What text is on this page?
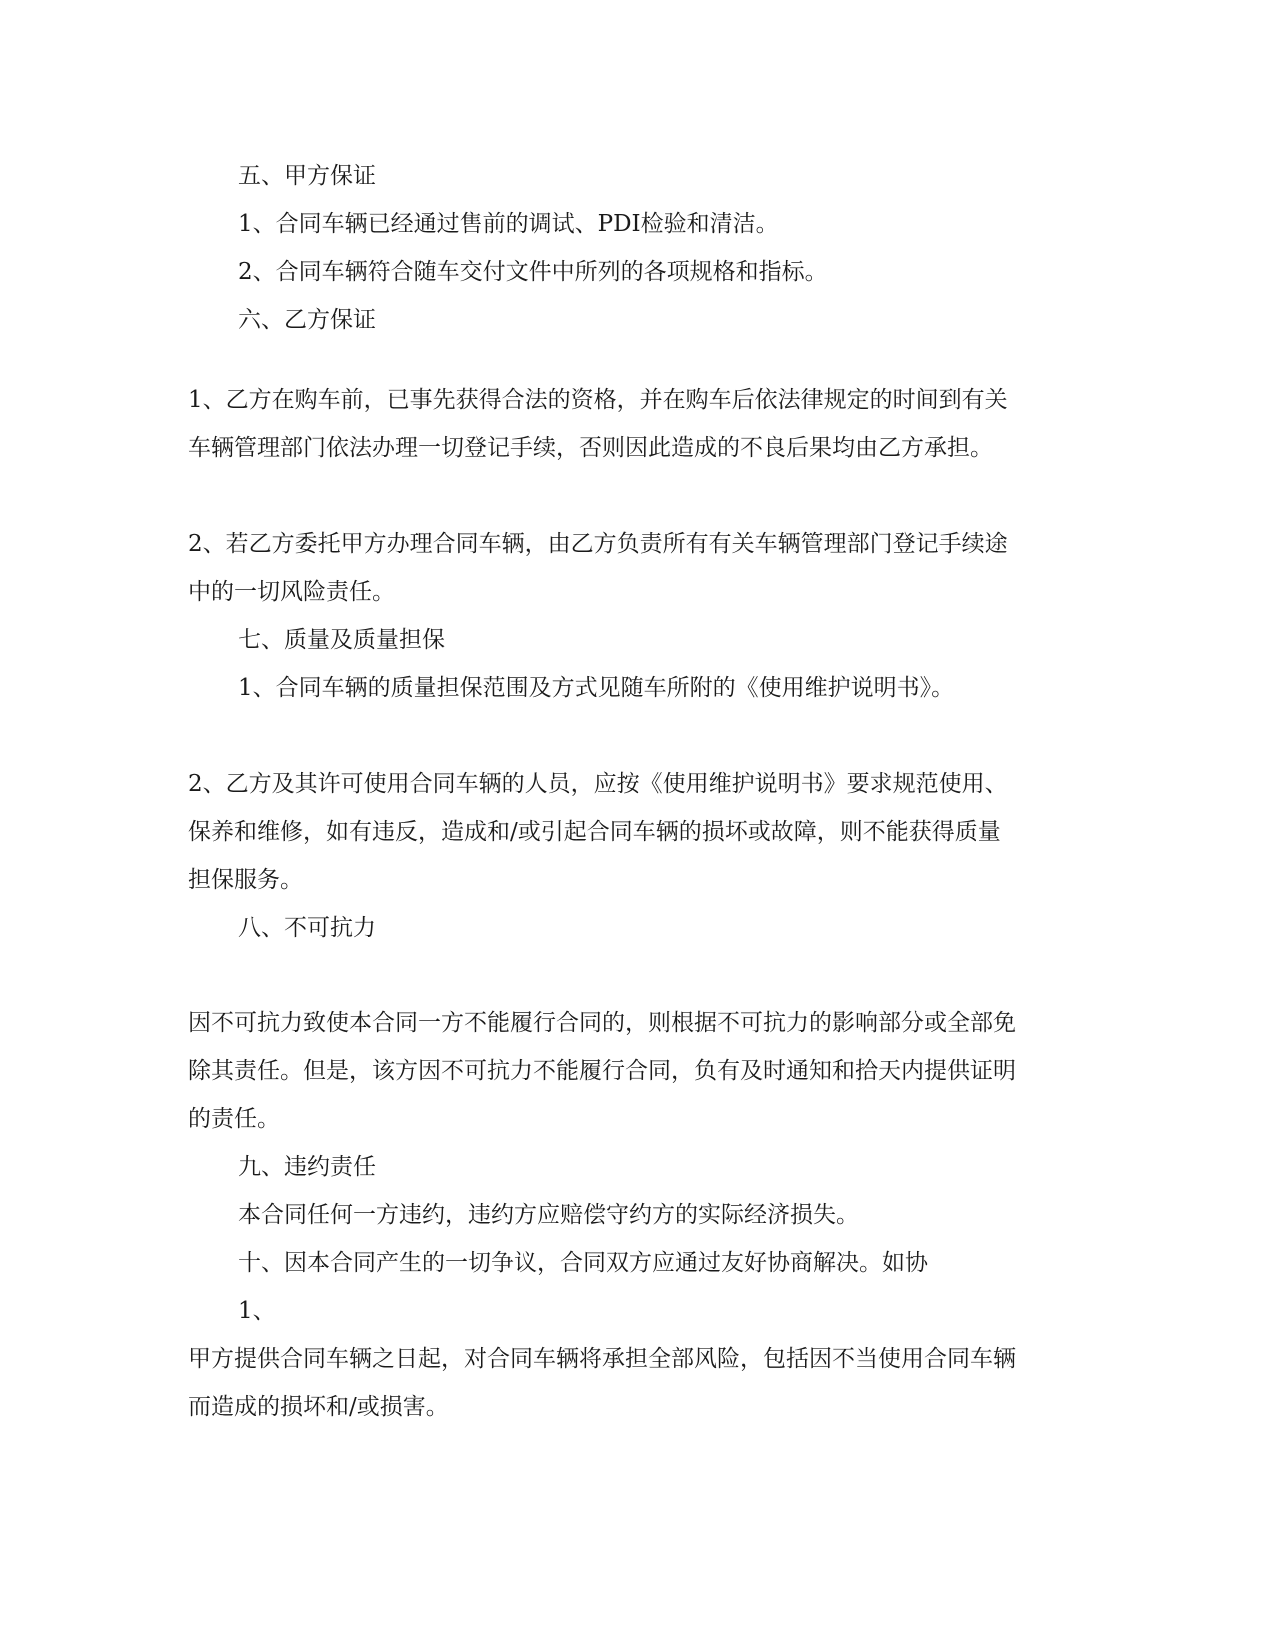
五、甲方保证

1、合同车辆已经通过售前的调试、PDI检验和清洁。

2、合同车辆符合随车交付文件中所列的各项规格和指标。

六、乙方保证

1、乙方在购车前，已事先获得合法的资格，并在购车后依法律规定的时间到有关

车辆管理部门依法办理一切登记手续，否则因此造成的不良后果均由乙方承担。

2、若乙方委托甲方办理合同车辆，由乙方负责所有有关车辆管理部门登记手续途

中的一切风险责任。

七、质量及质量担保

1、合同车辆的质量担保范围及方式见随车所附的《使用维护说明书》。

2、乙方及其许可使用合同车辆的人员，应按《使用维护说明书》要求规范使用、

保养和维修，如有违反，造成和/或引起合同车辆的损坏或故障，则不能获得质量

担保服务。

八、不可抗力

因不可抗力致使本合同一方不能履行合同的，则根据不可抗力的影响部分或全部免

除其责任。但是，该方因不可抗力不能履行合同，负有及时通知和拾天内提供证明

的责任。

九、违约责任

本合同任何一方违约，违约方应赔偿守约方的实际经济损失。

十、因本合同产生的一切争议，合同双方应通过友好协商解决。如协

1、

甲方提供合同车辆之日起，对合同车辆将承担全部风险，包括因不当使用合同车辆

而造成的损坏和/或损害。
